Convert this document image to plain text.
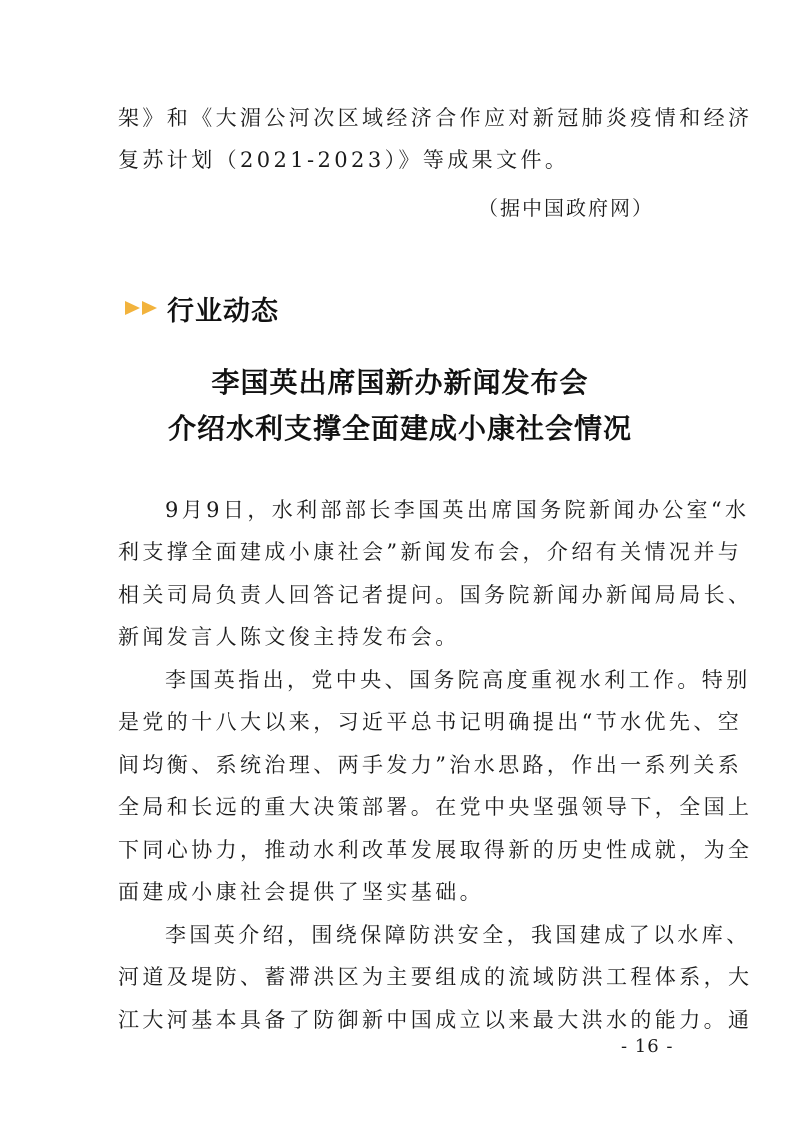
架》和《大湄公河次区域经济合作应对新冠肺炎疫情和经济
复苏计划（2021-2023）》等成果文件。
（据中国政府网）
行业动态
李国英出席国新办新闻发布会
介绍水利支撑全面建成小康社会情况
9月9日，水利部部长李国英出席国务院新闻办公室“水
利支撑全面建成小康社会”新闻发布会，介绍有关情况并与
相关司局负责人回答记者提问。国务院新闻办新闻局局长、
新闻发言人陈文俊主持发布会。
李国英指出，党中央、国务院高度重视水利工作。特别
是党的十八大以来，习近平总书记明确提出“节水优先、空
间均衡、系统治理、两手发力”治水思路，作出一系列关系
全局和长远的重大决策部署。在党中央坚强领导下，全国上
下同心协力，推动水利改革发展取得新的历史性成就，为全
面建成小康社会提供了坚实基础。
李国英介绍，围绕保障防洪安全，我国建成了以水库、
河道及堤防、蓄滞洪区为主要组成的流域防洪工程体系，大
江大河基本具备了防御新中国成立以来最大洪水的能力。通
- 16 -
